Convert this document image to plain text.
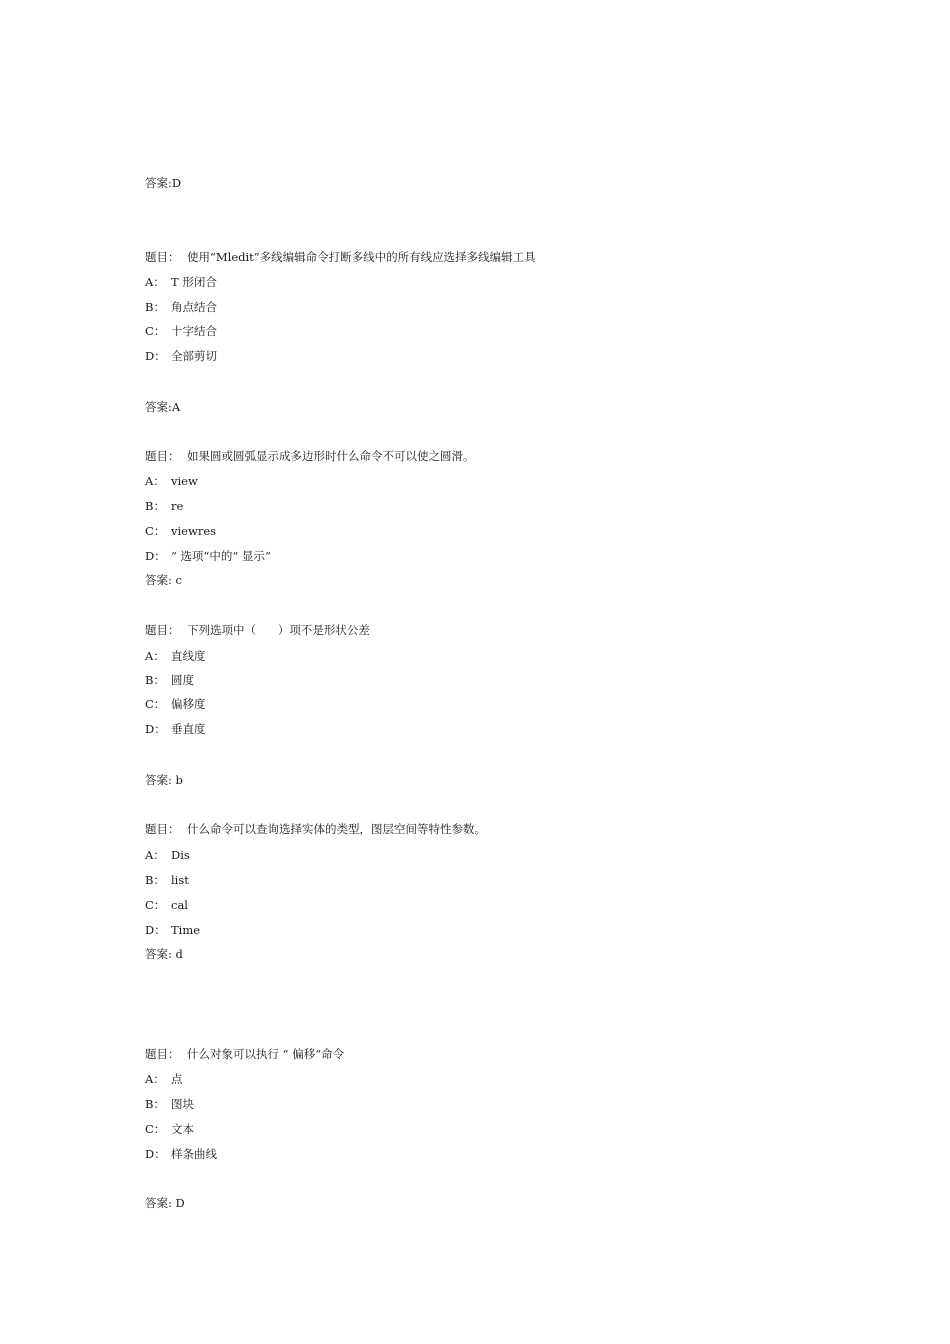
答案:D
题目： 使用“Mledit”多线编辑命令打断多线中的所有线应选择多线编辑工具
A： T 形闭合
B： 角点结合
C： 十字结合
D： 全部剪切
答案:A
题目： 如果圆或圆弧显示成多边形时什么命令不可以使之圆滑。
A： view
B： re
C： viewres
D： “ 选项“中的“ 显示“
答案: c
题目： 下列选项中（      ）项不是形状公差
A： 直线度
B： 圆度
C： 偏移度
D： 垂直度
答案: b
题目： 什么命令可以查询选择实体的类型，图层空间等特性参数。
A： Dis
B： list
C： cal
D： Time
答案: d
题目： 什么对象可以执行 “ 偏移“命令
A： 点
B： 图块
C： 文本
D： 样条曲线
答案: D
